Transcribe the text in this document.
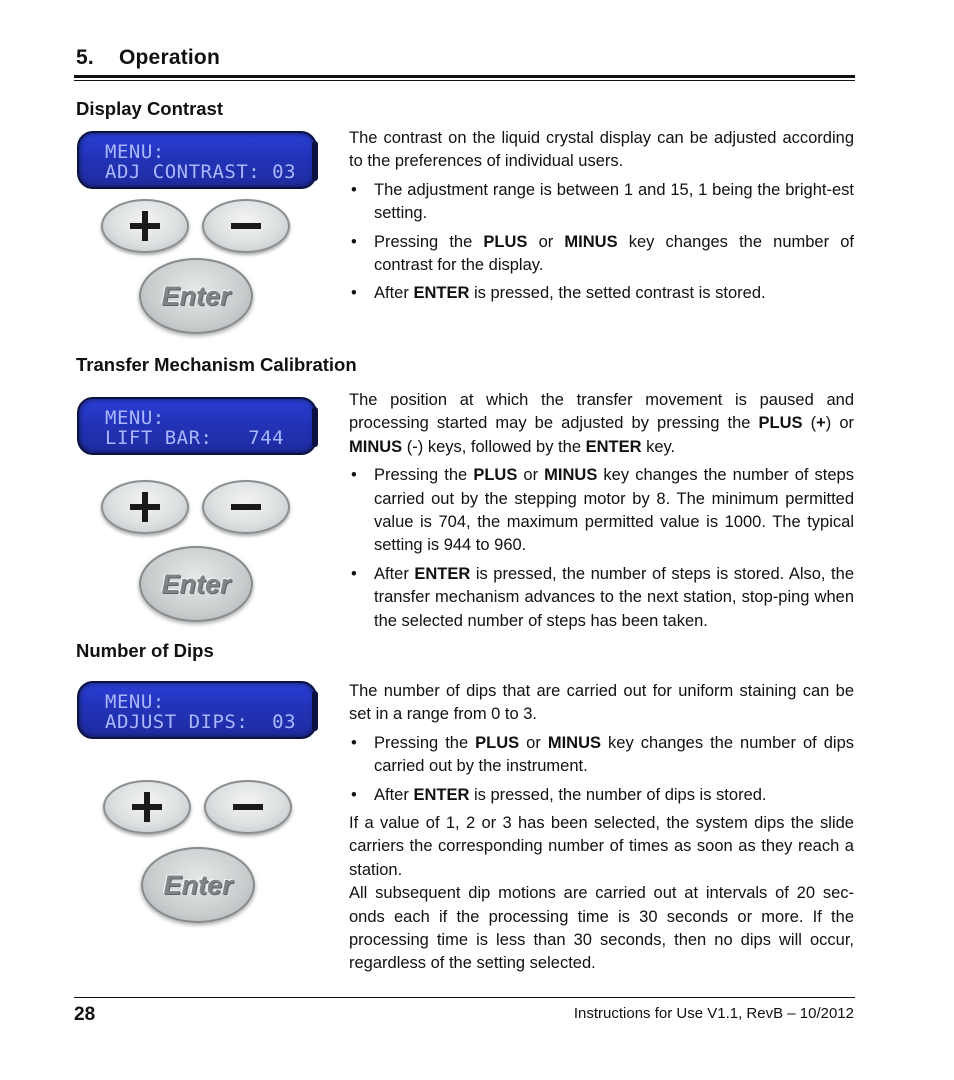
5. Operation
Display Contrast
MENU:
ADJ CONTRAST: 03
Enter

The contrast on the liquid crystal display can be adjusted according to the preferences of individual users.

• The adjustment range is between 1 and 15, 1 being the bright-est setting.
• Pressing the PLUS or MINUS key changes the number of contrast for the display.
• After ENTER is pressed, the setted contrast is stored.
Transfer Mechanism Calibration
MENU:
LIFT BAR:   744
Enter

The position at which the transfer movement is paused and processing started may be adjusted by pressing the PLUS (+) or MINUS (-) keys, followed by the ENTER key.

• Pressing the PLUS or MINUS key changes the number of steps carried out by the stepping motor by 8. The minimum permitted value is 704, the maximum permitted value is 1000. The typical setting is 944 to 960.
• After ENTER is pressed, the number of steps is stored. Also, the transfer mechanism advances to the next station, stop-ping when the selected number of steps has been taken.
Number of Dips
MENU:
ADJUST DIPS:  03
Enter

The number of dips that are carried out for uniform staining can be set in a range from 0 to 3.

• Pressing the PLUS or MINUS key changes the number of dips carried out by the instrument.
• After ENTER is pressed, the number of dips is stored.

If a value of 1, 2 or 3 has been selected, the system dips the slide carriers the corresponding number of times as soon as they reach a station.

All subsequent dip motions are carried out at intervals of 20 sec-onds each if the processing time is 30 seconds or more. If the processing time is less than 30 seconds, then no dips will occur, regardless of the setting selected.

28	Instructions for Use V1.1, RevB – 10/2012
